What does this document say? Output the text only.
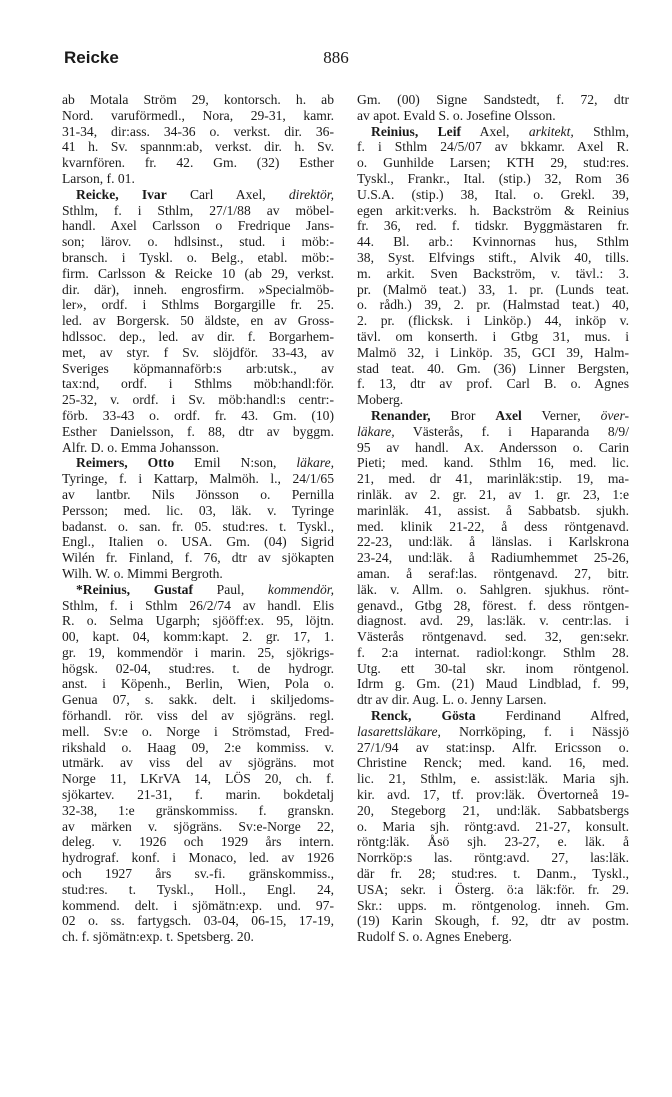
Reicke	886
ab Motala Ström 29, kontorsch. h. ab
Nord. varuförmedl., Nora, 29-31, kamr.
31-34, dir:ass. 34-36 o. verkst. dir. 36-
41 h. Sv. spannm:ab, verkst. dir. h. Sv.
kvarnfören. fr. 42. Gm. (32) Esther
Larson, f. 01.
Reicke, Ivar Carl Axel, direktör,
Sthlm, f. i Sthlm, 27/1/88 av möbel-
handl. Axel Carlsson o Fredrique Jans-
son; lärov. o. hdlsinst., stud. i möb:-
bransch. i Tyskl. o. Belg., etabl. möb:-
firm. Carlsson & Reicke 10 (ab 29, verkst.
dir. där), inneh. engrosfirm. »Specialmöb-
ler», ordf. i Sthlms Borgargille fr. 25.
led. av Borgersk. 50 äldste, en av Gross-
hdlssoc. dep., led. av dir. f. Borgarhem-
met, av styr. f Sv. slöjdför. 33-43, av
Sveriges köpmannaförb:s arb:utsk., av
tax:nd, ordf. i Sthlms möb:handl:för.
25-32, v. ordf. i Sv. möb:handl:s centr:-
förb. 33-43 o. ordf. fr. 43. Gm. (10)
Esther Danielsson, f. 88, dtr av byggm.
Alfr. D. o. Emma Johansson.
Reimers, Otto Emil N:son, läkare,
Tyringe, f. i Kattarp, Malmöh. l., 24/1/65
av lantbr. Nils Jönsson o. Pernilla
Persson; med. lic. 03, läk. v. Tyringe
badanst. o. san. fr. 05. stud:res. t. Tyskl.,
Engl., Italien o. USA. Gm. (04) Sigrid
Wilén fr. Finland, f. 76, dtr av sjökapten
Wilh. W. o. Mimmi Bergroth.
*Reinius, Gustaf Paul, kommendör,
Sthlm, f. i Sthlm 26/2/74 av handl. Elis
R. o. Selma Ugarph; sjööff:ex. 95, löjtn.
00, kapt. 04, komm:kapt. 2. gr. 17, 1.
gr. 19, kommendör i marin. 25, sjökrigs-
högsk. 02-04, stud:res. t. de hydrogr.
anst. i Köpenh., Berlin, Wien, Pola o.
Genua 07, s. sakk. delt. i skiljedoms-
förhandl. rör. viss del av sjögräns. regl.
mell. Sv:e o. Norge i Strömstad, Fred-
rikshald o. Haag 09, 2:e kommiss. v.
utmärk. av viss del av sjögräns. mot
Norge 11, LKrVA 14, LÖS 20, ch. f.
sjökartev. 21-31, f. marin. bokdetalj
32-38, 1:e gränskommiss. f. granskn.
av märken v. sjögräns. Sv:e-Norge 22,
deleg. v. 1926 och 1929 års intern.
hydrograf. konf. i Monaco, led. av 1926
och 1927 års sv.-fi. gränskommiss.,
stud:res. t. Tyskl., Holl., Engl. 24,
kommend. delt. i sjömätn:exp. und. 97-
02 o. ss. fartygsch. 03-04, 06-15, 17-19,
ch. f. sjömätn:exp. t. Spetsberg. 20.
Gm. (00) Signe Sandstedt, f. 72, dtr
av apot. Evald S. o. Josefine Olsson.
Reinius, Leif Axel, arkitekt, Sthlm,
f. i Sthlm 24/5/07 av bkkamr. Axel R.
o. Gunhilde Larsen; KTH 29, stud:res.
Tyskl., Frankr., Ital. (stip.) 32, Rom 36
U.S.A. (stip.) 38, Ital. o. Grekl. 39,
egen arkit:verks. h. Backström & Reinius
fr. 36, red. f. tidskr. Byggmästaren fr.
44. Bl. arb.: Kvinnornas hus, Sthlm
38, Syst. Elfvings stift., Alvik 40, tills.
m. arkit. Sven Backström, v. tävl.: 3.
pr. (Malmö teat.) 33, 1. pr. (Lunds teat.
o. rådh.) 39, 2. pr. (Halmstad teat.) 40,
2. pr. (flicksk. i Linköp.) 44, inköp v.
tävl. om konserth. i Gtbg 31, mus. i
Malmö 32, i Linköp. 35, GCI 39, Halm-
stad teat. 40. Gm. (36) Linner Bergsten,
f. 13, dtr av prof. Carl B. o. Agnes
Moberg.
Renander, Bror Axel Verner, över-
läkare, Västerås, f. i Haparanda 8/9/
95 av handl. Ax. Andersson o. Carin
Pieti; med. kand. Sthlm 16, med. lic.
21, med. dr 41, marinläk:stip. 19, ma-
rinläk. av 2. gr. 21, av 1. gr. 23, 1:e
marinläk. 41, assist. å Sabbatsb. sjukh.
med. klinik 21-22, å dess röntgenavd.
22-23, und:läk. å länslas. i Karlskrona
23-24, und:läk. å Radiumhemmet 25-26,
aman. å seraf:las. röntgenavd. 27, bitr.
läk. v. Allm. o. Sahlgren. sjukhus. rönt-
genavd., Gtbg 28, förest. f. dess röntgen-
diagnost. avd. 29, las:läk. v. centr:las. i
Västerås röntgenavd. sed. 32, gen:sekr.
f. 2:a internat. radiol:kongr. Sthlm 28.
Utg. ett 30-tal skr. inom röntgenol.
Idrm g. Gm. (21) Maud Lindblad, f. 99,
dtr av dir. Aug. L. o. Jenny Larsen.
Renck, Gösta Ferdinand Alfred,
lasarettsläkare, Norrköping, f. i Nässjö
27/1/94 av stat:insp. Alfr. Ericsson o.
Christine Renck; med. kand. 16, med.
lic. 21, Sthlm, e. assist:läk. Maria sjh.
kir. avd. 17, tf. prov:läk. Övertorneå 19-
20, Stegeborg 21, und:läk. Sabbatsbergs
o. Maria sjh. röntg:avd. 21-27, konsult.
röntg:läk. Åsö sjh. 23-27, e. läk. å
Norrköp:s las. röntg:avd. 27, las:läk.
där fr. 28; stud:res. t. Danm., Tyskl.,
USA; sekr. i Österg. ö:a läk:för. fr. 29.
Skr.: upps. m. röntgenolog. inneh. Gm.
(19) Karin Skough, f. 92, dtr av postm.
Rudolf S. o. Agnes Eneberg.
